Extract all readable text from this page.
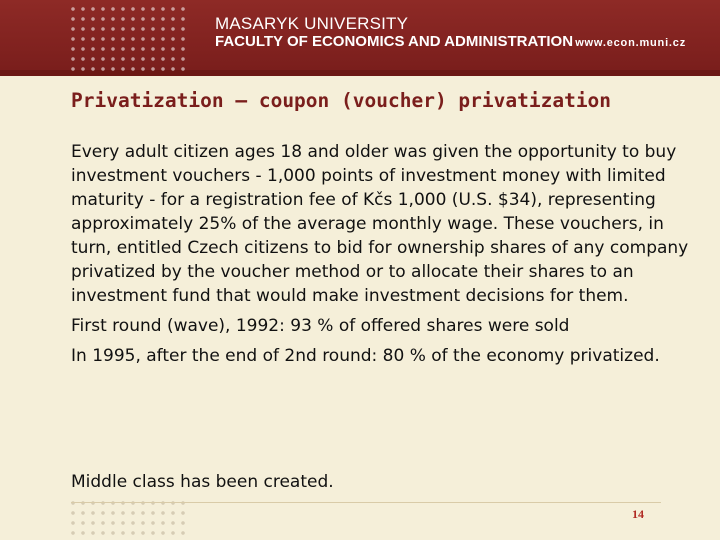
MASARYK UNIVERSITY
FACULTY OF ECONOMICS AND ADMINISTRATION www.econ.muni.cz
Privatization – coupon (voucher) privatization

Every adult citizen ages 18 and older was given the opportunity to buy investment vouchers - 1,000 points of investment money with limited maturity - for a registration fee of Kčs 1,000 (U.S. $34), representing approximately 25% of the average monthly wage. These vouchers, in turn, entitled Czech citizens to bid for ownership shares of any company privatized by the voucher method or to allocate their shares to an investment fund that would make investment decisions for them.

First round (wave), 1992: 93 % of offered shares were sold

In 1995, after the end of 2nd round: 80 % of the economy privatized.

Middle class has been created.

14
